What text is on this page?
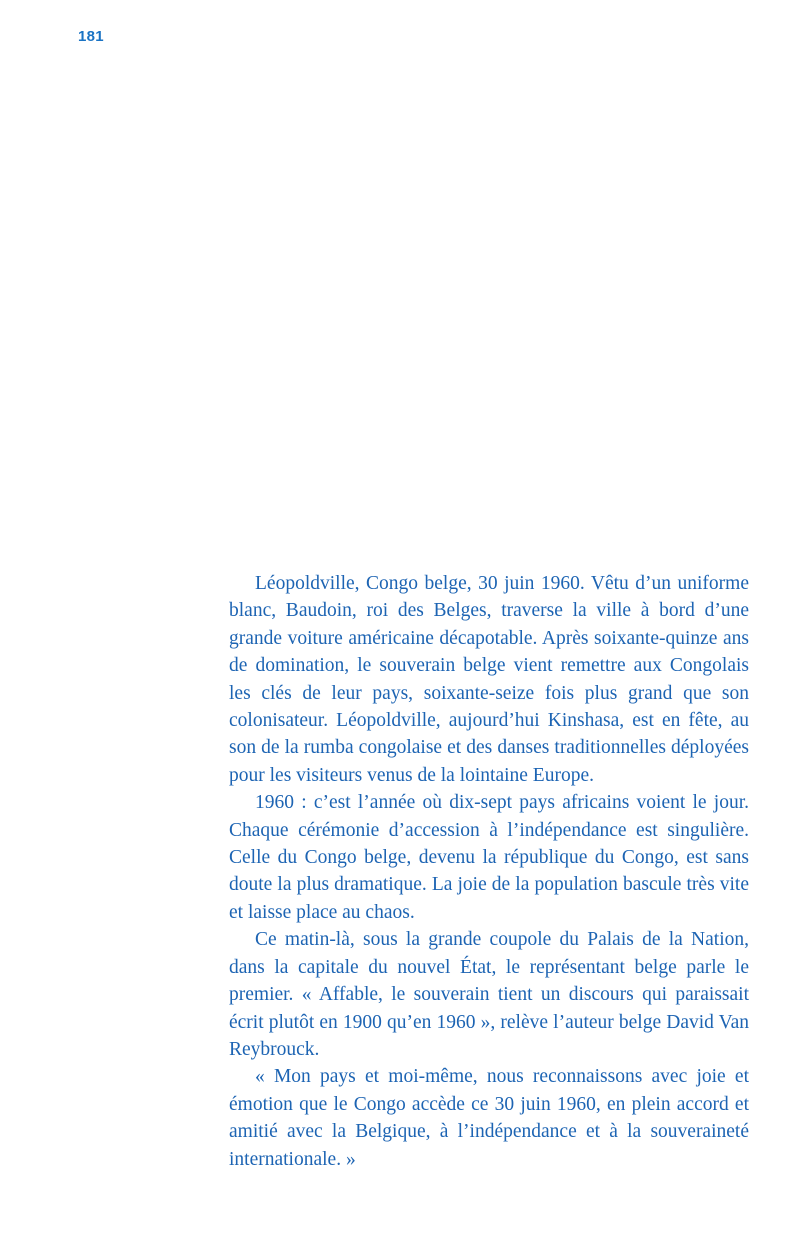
181

Léopoldville, Congo belge, 30 juin 1960. Vêtu d’un uniforme blanc, Baudoin, roi des Belges, traverse la ville à bord d’une grande voiture américaine décapotable. Après soixante-quinze ans de domination, le souverain belge vient remettre aux Congolais les clés de leur pays, soixante-seize fois plus grand que son colonisateur. Léopoldville, aujourd’hui Kinshasa, est en fête, au son de la rumba congolaise et des danses traditionnelles déployées pour les visiteurs venus de la lointaine Europe.

1960 : c’est l’année où dix-sept pays africains voient le jour. Chaque cérémonie d’accession à l’indépendance est singulière. Celle du Congo belge, devenu la république du Congo, est sans doute la plus dramatique. La joie de la population bascule très vite et laisse place au chaos.

Ce matin-là, sous la grande coupole du Palais de la Nation, dans la capitale du nouvel État, le représentant belge parle le premier. « Affable, le souverain tient un discours qui paraissait écrit plutôt en 1900 qu’en 1960 », relève l’auteur belge David Van Reybrouck.

« Mon pays et moi-même, nous reconnaissons avec joie et émotion que le Congo accède ce 30 juin 1960, en plein accord et amitié avec la Belgique, à l’indépendance et à la souveraineté internationale. »
